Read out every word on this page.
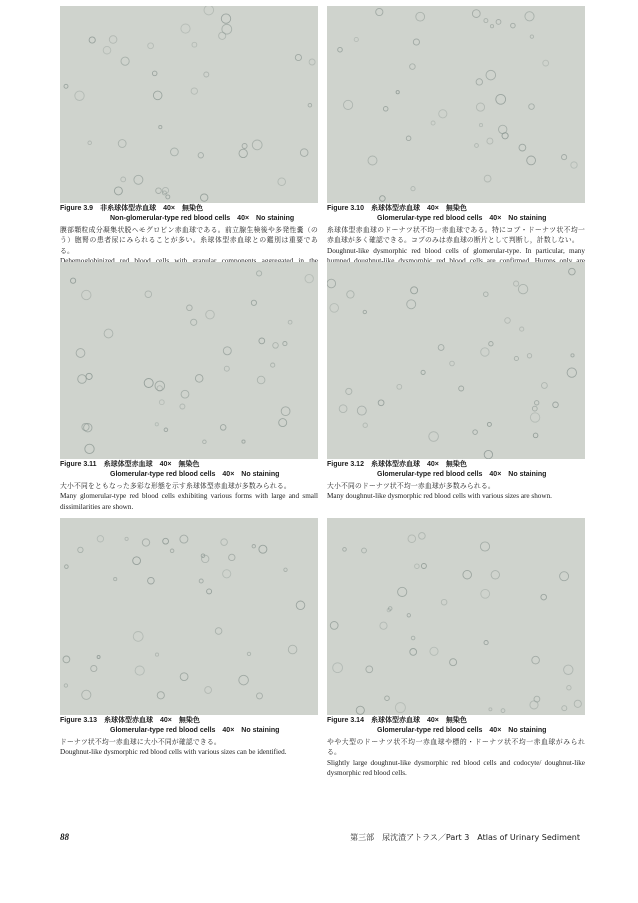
Figure 3.9　非糸球体型赤血球　40×　無染色
Non-glomerular-type red blood cells　40×　No staining
膜部顆粒成分凝集状脱ヘモグロビン赤血球である。前立腺生検後や多発性嚢（のう）胞腎の患者尿にみられることが多い。糸球体型赤血球との鑑別は重要である。
Figure 3.10　糸球体型赤血球　40×　無染色
Glomerular-type red blood cells　40×　No staining
糸球体型赤血球のドーナツ状不均一赤血球である。特にコブ・ドーナツ状不均一赤血球が多く確認できる。コブのみは赤血球の断片として判断し，計数しない。
Doughnut-like dysmorphic red blood cells of glomerular-type. In particular, many
Figure 3.11　糸球体型赤血球　40×　無染色
Glomerular-type red blood cells　40×　No staining
大小不同をともなった多彩な形態を示す糸球体型赤血球が多数みられる。
Many glomerular-type red blood cells exhibiting various forms with large and small dissimilarities are shown.
Figure 3.12　糸球体型赤血球　40×　無染色
Glomerular-type red blood cells　40×　No staining
大小不同のドーナツ状不均一赤血球が多数みられる。
Many doughnut-like dysmorphic red blood cells with various sizes are shown.
Figure 3.13　糸球体型赤血球　40×　無染色
Glomerular-type red blood cells　40×　No staining
ドーナツ状不均一赤血球に大小不同が確認できる。
Doughnut-like dysmorphic red blood cells with various sizes can be identified.
Figure 3.14　糸球体型赤血球　40×　無染色
Glomerular-type red blood cells　40×　No staining
やや大型のドーナツ状不均一赤血球や標的・ドーナツ状不均一赤血球がみられる。
Slightly large doughnut-like dysmorphic red blood cells and codocyte/ doughnut-like dysmorphic red blood cells.
88	第三部　尿沈渣アトラス／Part 3　Atlas of Urinary Sediment
